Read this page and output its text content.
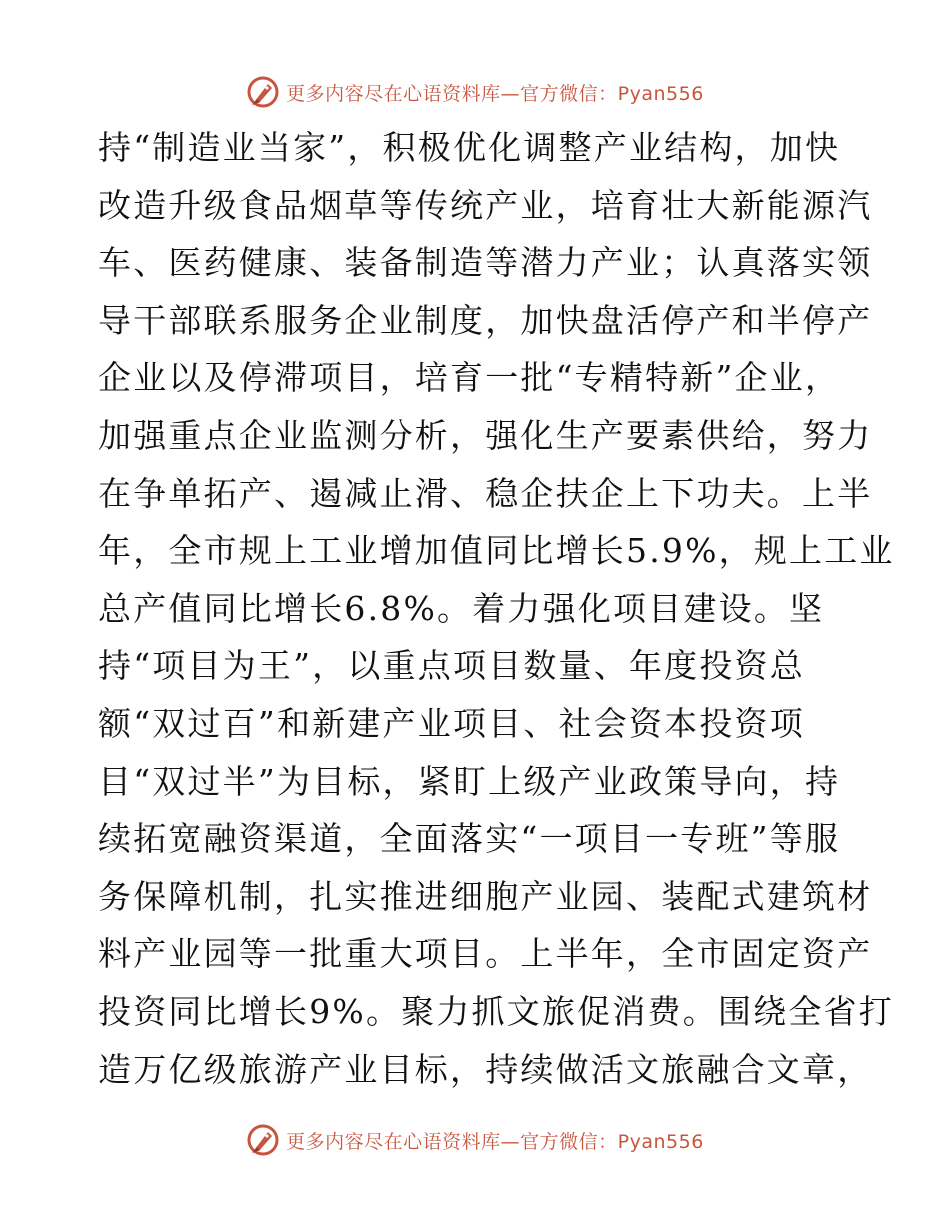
更多内容尽在心语资料库—官方微信：Pyan556
持“制造业当家”，积极优化调整产业结构，加快
改造升级食品烟草等传统产业，培育壮大新能源汽
车、医药健康、装备制造等潜力产业；认真落实领
导干部联系服务企业制度，加快盘活停产和半停产
企业以及停滞项目，培育一批“专精特新”企业，
加强重点企业监测分析，强化生产要素供给，努力
在争单拓产、遏减止滑、稳企扶企上下功夫。上半
年，全市规上工业增加值同比增长5.9%，规上工业
总产值同比增长6.8%。着力强化项目建设。坚
持“项目为王”，以重点项目数量、年度投资总
额“双过百”和新建产业项目、社会资本投资项
目“双过半”为目标，紧盯上级产业政策导向，持
续拓宽融资渠道，全面落实“一项目一专班”等服
务保障机制，扎实推进细胞产业园、装配式建筑材
料产业园等一批重大项目。上半年，全市固定资产
投资同比增长9%。聚力抓文旅促消费。围绕全省打
造万亿级旅游产业目标，持续做活文旅融合文章，
更多内容尽在心语资料库—官方微信：Pyan556
